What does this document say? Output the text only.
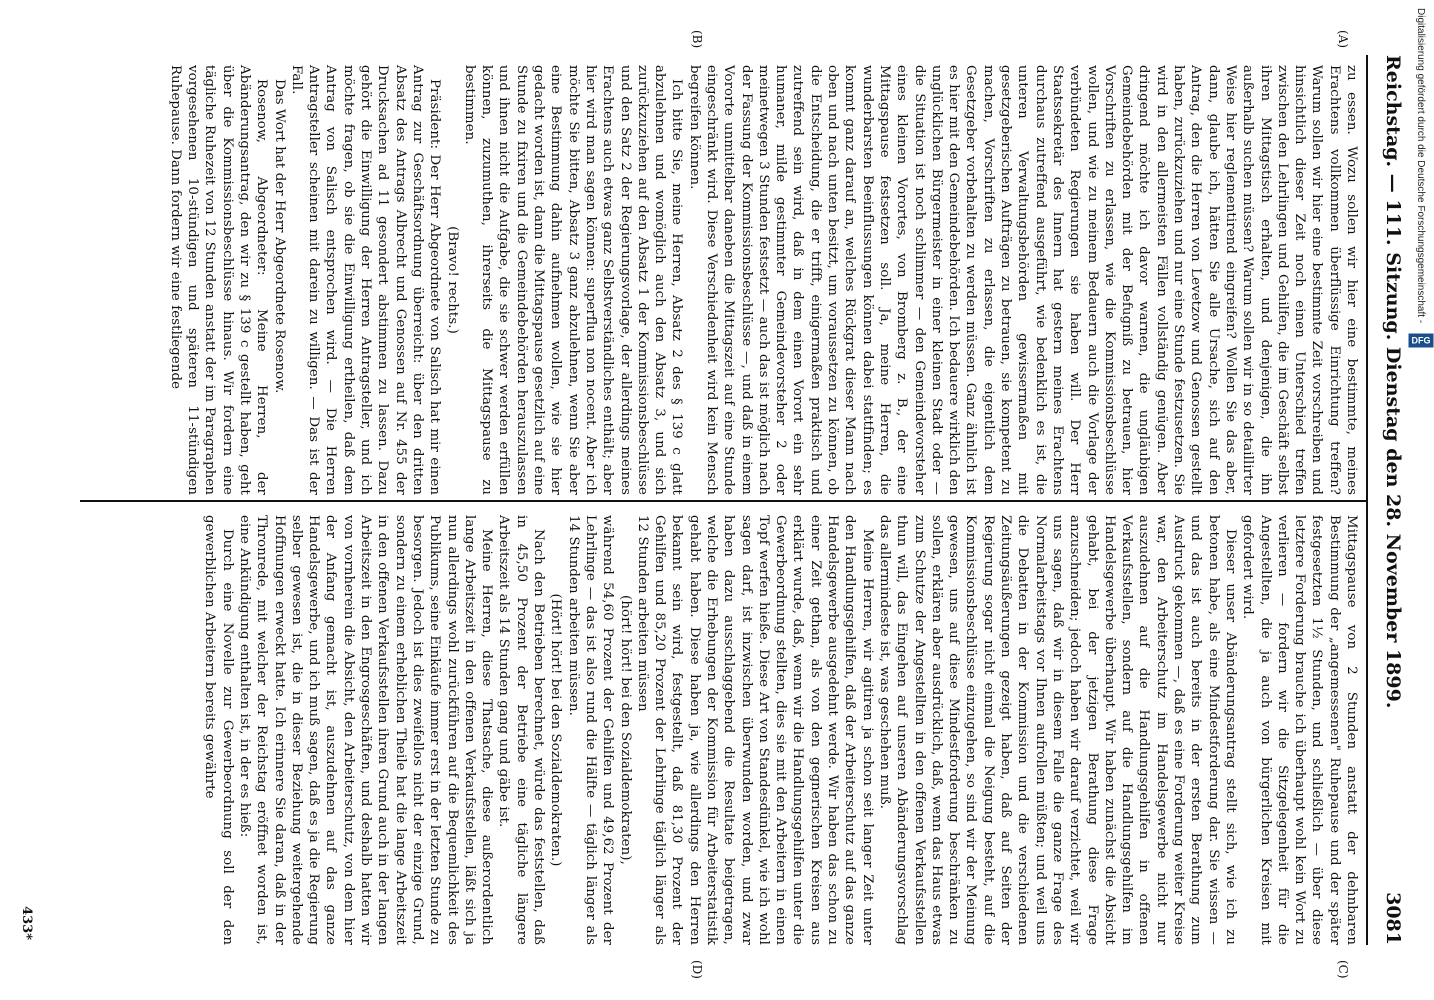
Reichstag. — 111. Sitzung. Dienstag den 28. November 1899.
3081
(A)
(B)
(C)
(D)

zu essen. Wozu sollen wir hier eine bestimmte, meines Erachtens vollkommen überflüssige Einrichtung treffen? Warum sollen wir hier eine bestimmte Zeit vorschreiben und hinsichtlich dieser Zeit noch einen Unterschied treffen zwischen den Lehrlingen und Gehilfen, die im Geschäft selbst ihren Mittagstisch erhalten, und denjenigen, die ihn außerhalb suchen müssen? Warum sollen wir in so detaillirter Weise hier reglementirend eingreifen? Wollen Sie das aber, dann, glaube ich, hätten Sie alle Ursache, sich auf den Antrag, den die Herren von Levetzow und Genossen gestellt haben, zurückzuziehen und nur eine Stunde festzusetzen. Sie wird in den allermeisten Fällen vollständig genügen. Aber dringend möchte ich davor warnen, die ungläubigen Gemeindebehörden mit der Befugniß zu betrauen, hier Vorschriften zu erlassen, wie die Kommissionsbeschlüsse wollen, und wie zu meinem Bedauern auch die Vorlage der verbündeten Regierungen sie haben will. Der Herr Staatssekretär des Innern hat gestern meines Erachtens durchaus zutreffend ausgeführt, wie bedenklich es ist, die unteren Verwaltungsbehörden gewissermaßen mit gesetzgeberischen Aufträgen zu betrauen, sie kompetent zu machen, Vorschriften zu erlassen, die eigentlich dem Gesetzgeber vorbehalten zu werden müssen. Ganz ähnlich ist es hier mit den Gemeindebehörden. Ich bedauere wirklich den unglücklichen Bürgermeister in einer kleinen Stadt oder — die Situation ist noch schlimmer — den Gemeindevorsteher eines kleinen Vorortes, von Bromberg z. B., der eine Mittagspause festsetzen soll. Ja, meine Herren, die wunderbarsten Beeinflussungen können dabei stattfinden; es kommt ganz darauf an, welches Rückgrat dieser Mann nach oben und nach unten besitzt, um voraussetzen zu können, ob die Entscheidung, die er trifft, einigermaßen praktisch und zutreffend sein wird, daß in dem einen Vorort ein sehr humaner, milde gestimmter Gemeindevorsteher 2 oder meinetwegen 3 Stunden festsetzt — auch das ist möglich nach der Fassung der Kommissionsbeschlüsse —, und daß in einem Vororte unmittelbar daneben die Mittagszeit auf eine Stunde eingeschränkt wird. Diese Verschiedenheit wird kein Mensch begreifen können.

Ich bitte Sie, meine Herren, Absatz 2 des § 139 c glatt abzulehnen und womöglich auch den Absatz 3, und sich zurückzuziehen auf den Absatz 1 der Kommissionsbeschlüsse und den Satz 2 der Regierungsvorlage, der allerdings meines Erachtens auch etwas ganz Selbstverständliches enthält; aber hier wird man sagen können: superflua non nocent. Aber ich möchte Sie bitten, Absatz 3 ganz abzulehnen, wenn Sie aber eine Bestimmung dahin aufnehmen wollen, wie sie hier gedacht worden ist, dann die Mittagspause gesetzlich auf eine Stunde zu fixiren und die Gemeindebehörden herauszulassen und ihnen nicht die Aufgabe, die sie schwer werden erfüllen können, zuzumuthen, ihrerseits die Mittagspause zu bestimmen.

(Bravo! rechts.)

Präsident: Der Herr Abgeordnete von Salisch hat mir einen Antrag zur Geschäftsordnung überreicht: über den dritten Absatz des Antrags Albrecht und Genossen auf Nr. 455 der Drucksachen ad 11 gesondert abstimmen zu lassen. Dazu gehört die Einwilligung der Herren Antragsteller, und ich möchte fragen, ob sie die Einwilligung ertheilen, daß dem Antrag von Salisch entsprochen wird. — Die Herren Antragsteller scheinen mit darein zu willigen. — Das ist der Fall.

Das Wort hat der Herr Abgeordnete Rosenow.

Rosenow, Abgeordneter: Meine Herren, der Abänderungsantrag, den wir zu § 139 c gestellt haben, geht über die Kommissionsbeschlüsse hinaus. Wir fordern eine tägliche Ruhezeit von 12 Stunden anstatt der im Paragraphen vorgesehenen 10-stündigen und späteren 11-stündigen Ruhepause. Dann fordern wir eine festliegende

Mittagspause von 2 Stunden anstatt der dehnbaren Bestimmung der „angemessenen" Ruhepause und der später festgesetzten 1½ Stunden, und schließlich — über diese letztere Forderung brauche ich überhaupt wohl kein Wort zu verlieren — fordern wir die Sitzgelegenheit für die Angestellten, die ja auch von bürgerlichen Kreisen mit gefordert wird.

Dieser unser Abänderungsantrag stellt sich, wie ich zu betonen habe, als eine Mindestforderung dar. Sie wissen — und das ist auch bereits in der ersten Berathung zum Ausdruck gekommen —, daß es eine Forderung weiter Kreise war, den Arbeiterschutz im Handelsgewerbe nicht nur auszudehnen auf die Handlungsgehilfen in offenen Verkaufsstellen, sondern auf die Handlungsgehilfen im Handelsgewerbe überhaupt. Wir haben zunächst die Absicht gehabt, bei der jetzigen Berathung diese Frage anzuschneiden; jedoch haben wir darauf verzichtet, weil wir uns sagen, daß wir in diesem Falle die ganze Frage des Normalarbeitstags vor Ihnen aufrollen müßten; und weil uns die Debatten in der Kommission und die verschiedenen Zeitungsäußerungen gezeigt haben, daß auf Seiten der Regierung sogar nicht einmal die Neigung besteht, auf die Kommissionsbeschlüsse einzugehen, so sind wir der Meinung gewesen, uns auf diese Mindestforderung beschränken zu sollen, erklären aber ausdrücklich, daß, wenn das Haus etwas zum Schutze der Angestellten in den offenen Verkaufsstellen thun will, das Eingehen auf unseren Abänderungsvorschlag das allermindeste ist, was geschehen muß.

Meine Herren, wir agitiren ja schon seit langer Zeit unter den Handlungsgehilfen, daß der Arbeiterschutz auf das ganze Handelsgewerbe ausgedehnt werde. Wir haben das schon zu einer Zeit gethan, als von den gegnerischen Kreisen aus erklärt wurde, daß, wenn wir die Handlungsgehilfen unter die Gewerbeordnung stellten, dies sie mit den Arbeitern in einen Topf werfen hieße. Diese Art von Standesdünkel, wie ich wohl sagen darf, ist inzwischen überwunden worden, und zwar haben dazu ausschlaggebend die Resultate beigetragen, welche die Erhebungen der Kommission für Arbeiterstatistik gehabt haben. Diese haben ja, wie allerdings den Herren bekannt sein wird, festgestellt, daß 81,30 Prozent der Gehilfen und 85,20 Prozent der Lehrlinge täglich länger als 12 Stunden arbeiten müssen

(hört! hört! bei den Sozialdemokraten),

während 54,60 Prozent der Gehilfen und 49,62 Prozent der Lehrlinge — das ist also rund die Hälfte — täglich länger als 14 Stunden arbeiten müssen.

(Hört! hört! bei den Sozialdemokraten.)

Nach den Betrieben berechnet, würde das feststellen, daß in 45,50 Prozent der Betriebe eine tägliche längere Arbeitszeit als 14 Stunden gang und gäbe ist.

Meine Herren, diese Thatsache, diese außerordentlich lange Arbeitszeit in den offenen Verkaufsstellen, läßt sich ja nun allerdings wohl zurückführen auf die Bequemlichkeit des Publikums, seine Einkäufe immer erst in der letzten Stunde zu besorgen. Jedoch ist dies zweifellos nicht der einzige Grund, sondern zu einem erheblichen Theile hat die lange Arbeitszeit in den offenen Verkaufsstellen ihren Grund auch in der langen Arbeitszeit in den Engrosgeschäften, und deshalb hatten wir von vornherein die Absicht, den Arbeiterschutz, von dem hier der Anfang gemacht ist, auszudehnen auf das ganze Handelsgewerbe, und ich muß sagen, daß es ja die Regierung selber gewesen ist, die in dieser Beziehung weitergehende Hoffnungen erweckt hatte. Ich erinnere Sie daran, daß in der Thronrede, mit welcher der Reichstag eröffnet worden ist, eine Ankündigung enthalten ist, in der es hieß:

Durch eine Novelle zur Gewerbeordnung soll der den gewerblichen Arbeitern bereits gewährte

433*
Digitalisierung gefördert durch die Deutsche Forschungsgemeinschaft - DFG
